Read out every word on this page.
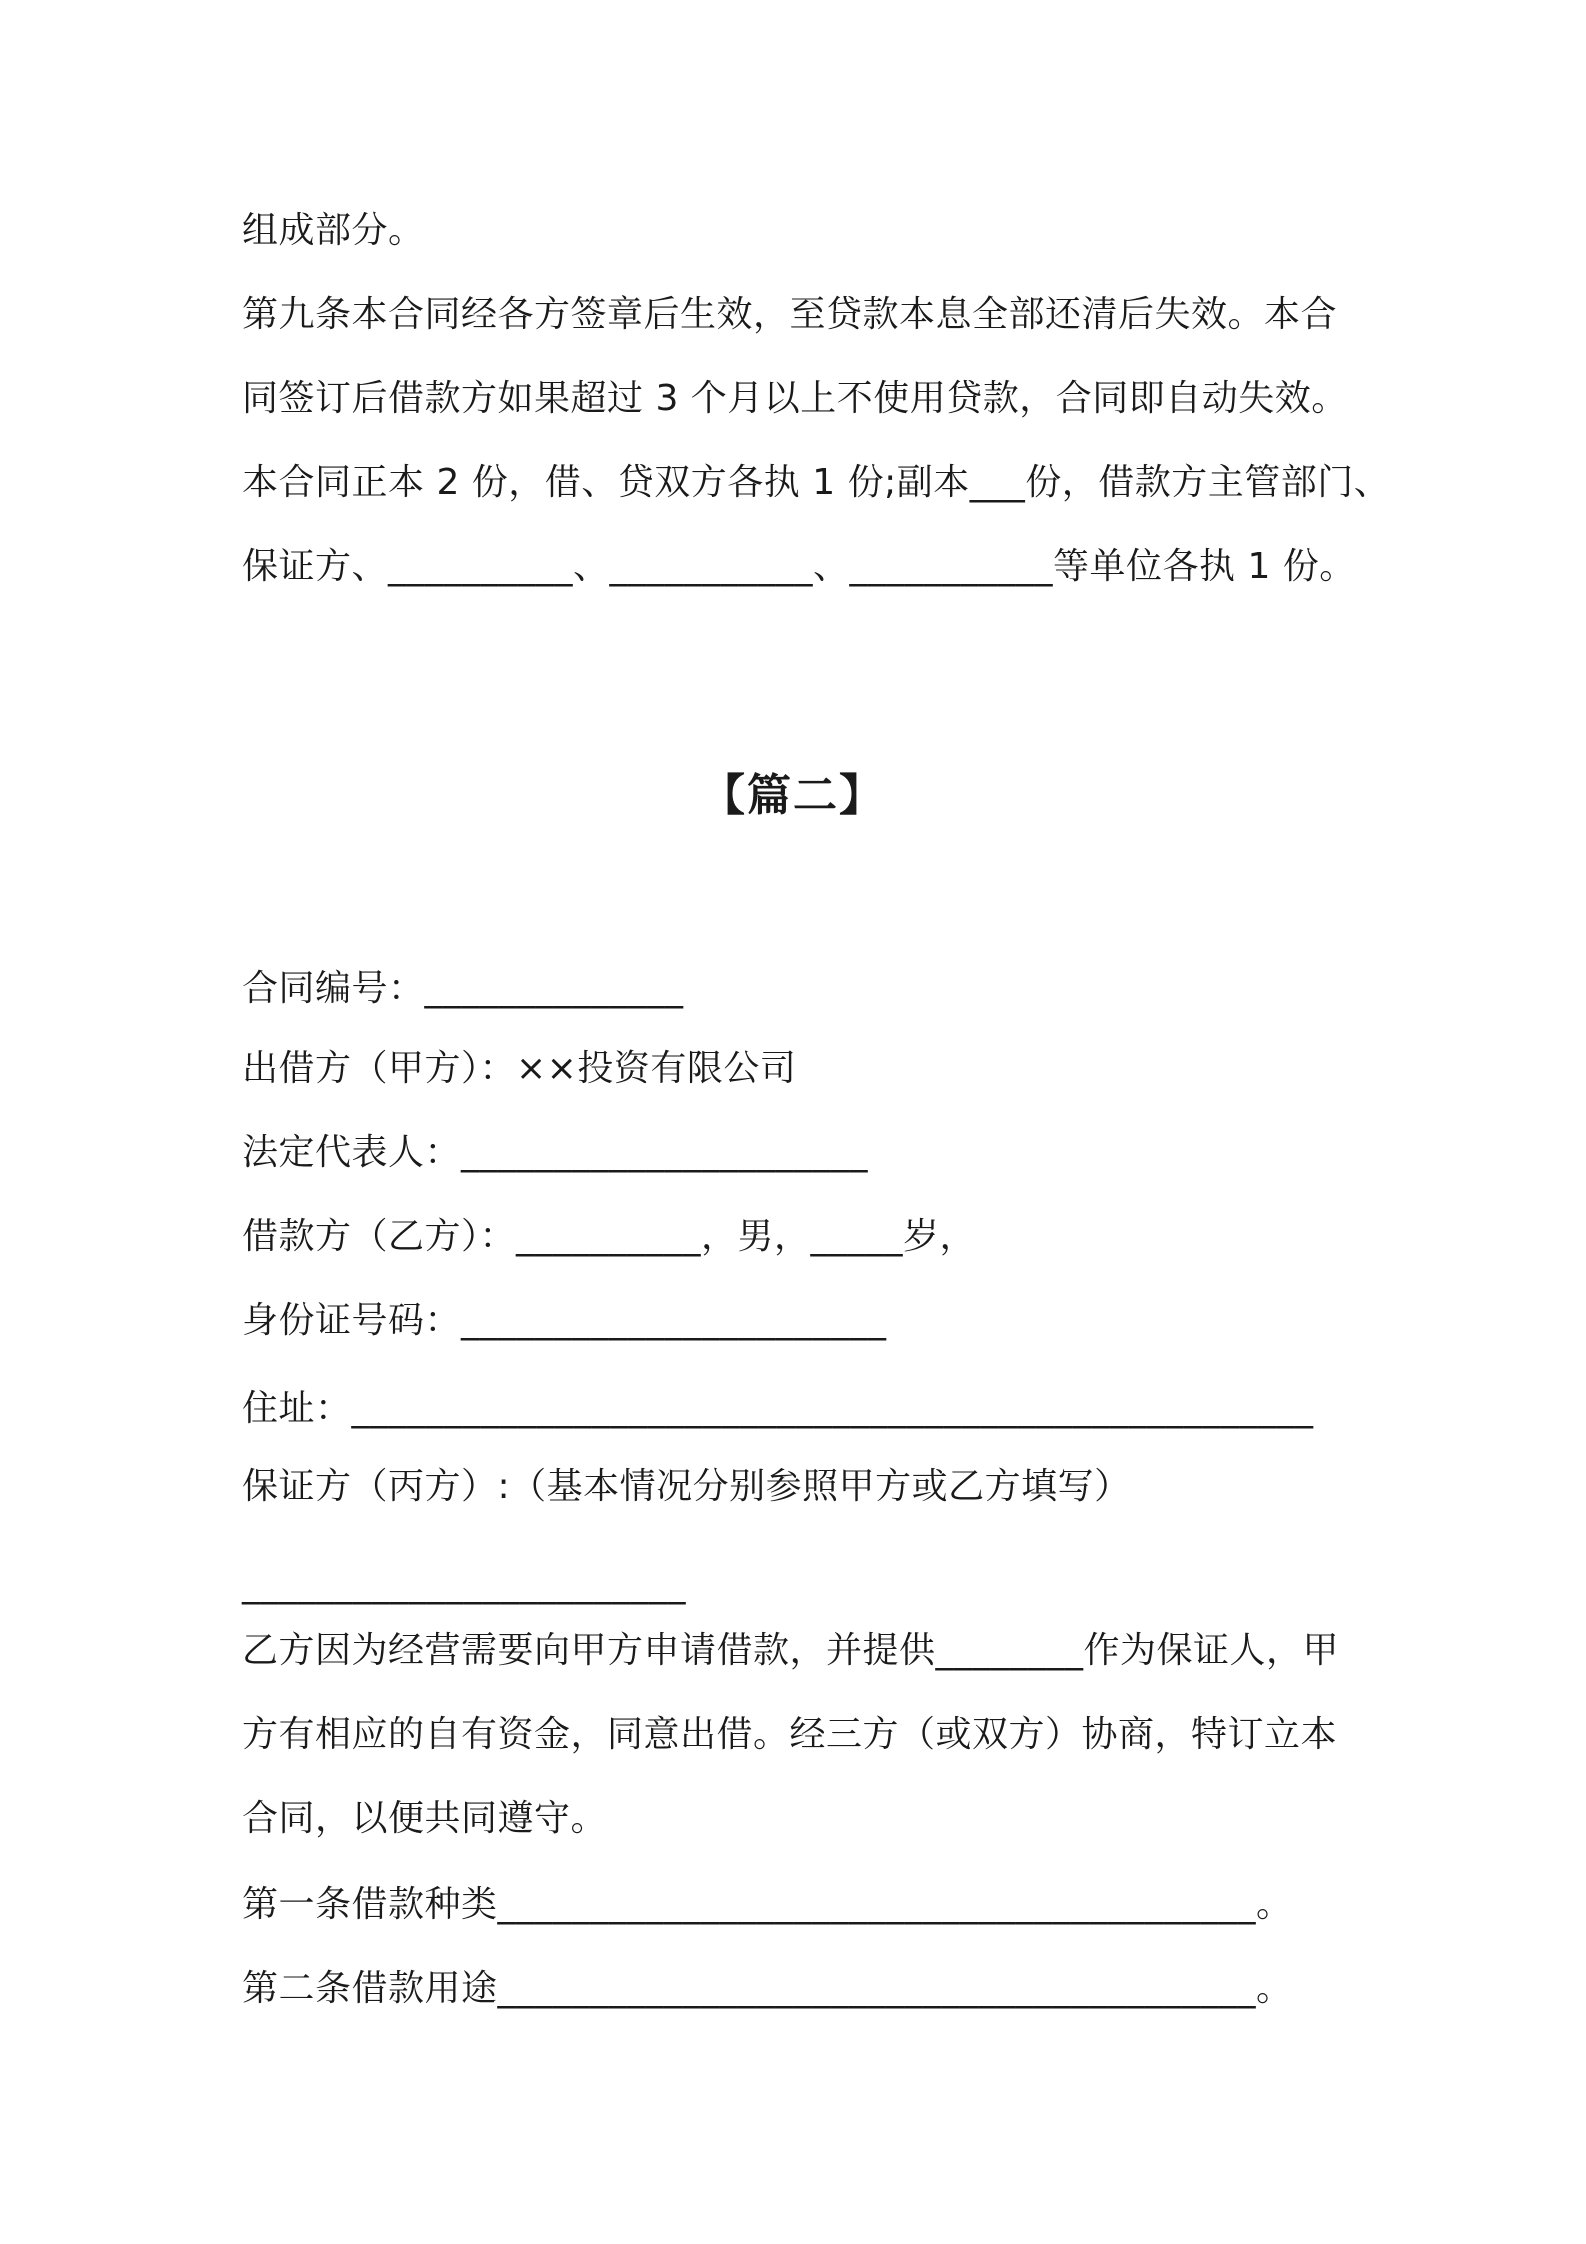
组成部分。
第九条本合同经各方签章后生效，至贷款本息全部还清后失效。本合
同签订后借款方如果超过 3 个月以上不使用贷款，合同即自动失效。
本合同正本 2 份，借、贷双方各执 1 份;副本___份，借款方主管部门、
保证方、__________、___________、___________等单位各执 1 份。
【篇二】
合同编号：______________
出借方（甲方）：××投资有限公司
法定代表人：______________________
借款方（乙方）：__________，男，_____岁，
身份证号码：_______________________
住址：____________________________________________________
保证方（丙方）:（基本情况分别参照甲方或乙方填写）
________________________
乙方因为经营需要向甲方申请借款，并提供________作为保证人，甲
方有相应的自有资金，同意出借。经三方（或双方）协商，特订立本
合同，以便共同遵守。
第一条借款种类_________________________________________。
第二条借款用途_________________________________________。
